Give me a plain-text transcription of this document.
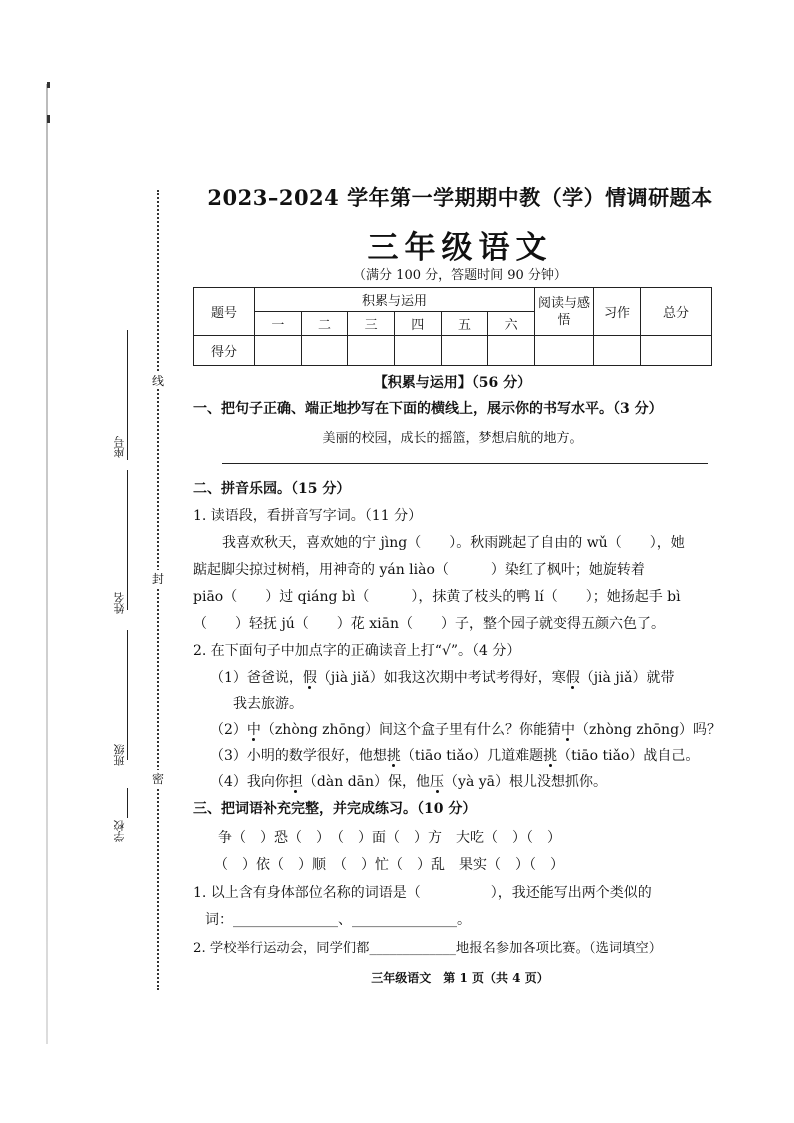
线
封
密
座号
姓名
班级
学校
2023–2024 学年第一学期期中教（学）情调研题本
三年级语文
（满分 100 分，答题时间 90 分钟）
题号	积累与运用						阅读与感悟	习作	总分
	一	二	三	四	五	六			
得分									
【积累与运用】（56 分）
一、把句子正确、端正地抄写在下面的横线上，展示你的书写水平。（3 分）
美丽的校园，成长的摇篮，梦想启航的地方。
二、拼音乐园。（15 分）
1. 读语段，看拼音写字词。（11 分）
我喜欢秋天，喜欢她的宁 jìng（　　）。秋雨跳起了自由的 wǔ（　　），她
踮起脚尖掠过树梢，用神奇的 yán liào（　　　）染红了枫叶；她旋转着
piāo（　　）过 qiáng bì（　　　），抹黄了枝头的鸭 lí（　　）；她扬起手 bì
（　　）轻抚 jú（　　）花 xiān（　　）子，整个园子就变得五颜六色了。
2. 在下面句子中加点字的正确读音上打“√”。（4 分）
（1）爸爸说，假（jià jiǎ）如我这次期中考试考得好，寒假（jià jiǎ）就带
我去旅游。
（2）中（zhòng zhōng）间这个盒子里有什么？你能猜中（zhòng zhōng）吗？
（3）小明的数学很好，他想挑（tiāo tiǎo）几道难题挑（tiāo tiǎo）战自己。
（4）我向你担（dàn dān）保，他压（yà yā）根儿没想抓你。
三、把词语补充完整，并完成练习。（10 分）
争（　）恐（　）　（　）面（　）方　大吃（　）（　）
（　）依（　）顺　（　）忙（　）乱　果实（　）（　）
1. 以上含有身体部位名称的词语是（　　　　　），我还能写出两个类似的
词：_______________、_______________。
2. 学校举行运动会，同学们都_____________地报名参加各项比赛。（选词填空）
三年级语文　第 1 页（共 4 页）
